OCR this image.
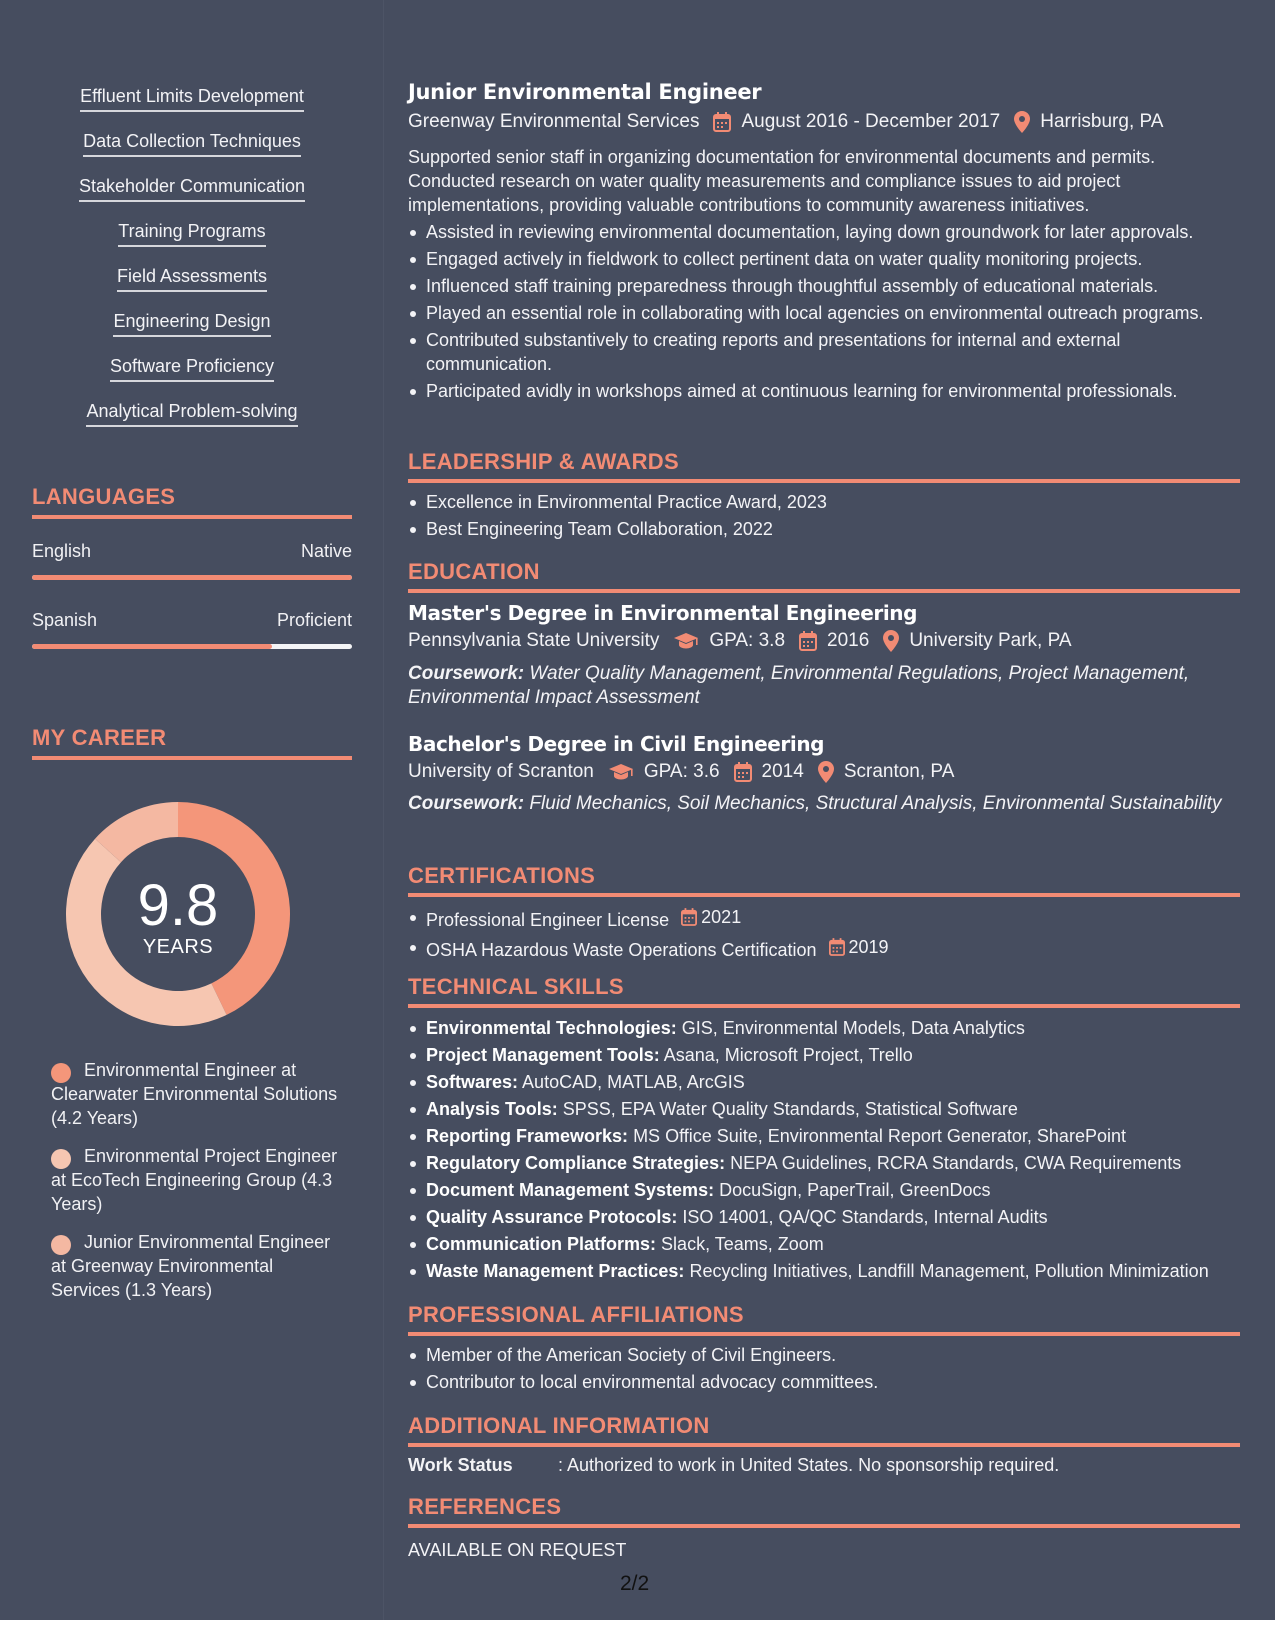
Effluent Limits Development
Data Collection Techniques
Stakeholder Communication
Training Programs
Field Assessments
Engineering Design
Software Proficiency
Analytical Problem-solving
LANGUAGES
English	Native
Spanish	Proficient
MY CAREER
9.8
YEARS
Environmental Engineer at Clearwater Environmental Solutions (4.2 Years)
Environmental Project Engineer at EcoTech Engineering Group (4.3 Years)
Junior Environmental Engineer at Greenway Environmental Services (1.3 Years)
Junior Environmental Engineer
Greenway Environmental Services August 2016 - December 2017 Harrisburg, PA
Supported senior staff in organizing documentation for environmental documents and permits. Conducted research on water quality measurements and compliance issues to aid project implementations, providing valuable contributions to community awareness initiatives.
Assisted in reviewing environmental documentation, laying down groundwork for later approvals.
Engaged actively in fieldwork to collect pertinent data on water quality monitoring projects.
Influenced staff training preparedness through thoughtful assembly of educational materials.
Played an essential role in collaborating with local agencies on environmental outreach programs.
Contributed substantively to creating reports and presentations for internal and external communication.
Participated avidly in workshops aimed at continuous learning for environmental professionals.
LEADERSHIP & AWARDS
Excellence in Environmental Practice Award, 2023
Best Engineering Team Collaboration, 2022
EDUCATION
Master's Degree in Environmental Engineering
Pennsylvania State University	GPA: 3.8 2016 University Park, PA
Coursework: Water Quality Management, Environmental Regulations, Project Management, Environmental Impact Assessment
Bachelor's Degree in Civil Engineering
University of Scranton	GPA: 3.6 2014 Scranton, PA
Coursework: Fluid Mechanics, Soil Mechanics, Structural Analysis, Environmental Sustainability
CERTIFICATIONS
Professional Engineer License 2021
OSHA Hazardous Waste Operations Certification 2019
TECHNICAL SKILLS
Environmental Technologies: GIS, Environmental Models, Data Analytics
Project Management Tools: Asana, Microsoft Project, Trello
Softwares: AutoCAD, MATLAB, ArcGIS
Analysis Tools: SPSS, EPA Water Quality Standards, Statistical Software
Reporting Frameworks: MS Office Suite, Environmental Report Generator, SharePoint
Regulatory Compliance Strategies: NEPA Guidelines, RCRA Standards, CWA Requirements
Document Management Systems: DocuSign, PaperTrail, GreenDocs
Quality Assurance Protocols: ISO 14001, QA/QC Standards, Internal Audits
Communication Platforms: Slack, Teams, Zoom
Waste Management Practices: Recycling Initiatives, Landfill Management, Pollution Minimization
PROFESSIONAL AFFILIATIONS
Member of the American Society of Civil Engineers.
Contributor to local environmental advocacy committees.
ADDITIONAL INFORMATION
Work Status	: Authorized to work in United States. No sponsorship required.
REFERENCES
AVAILABLE ON REQUEST
2/2
